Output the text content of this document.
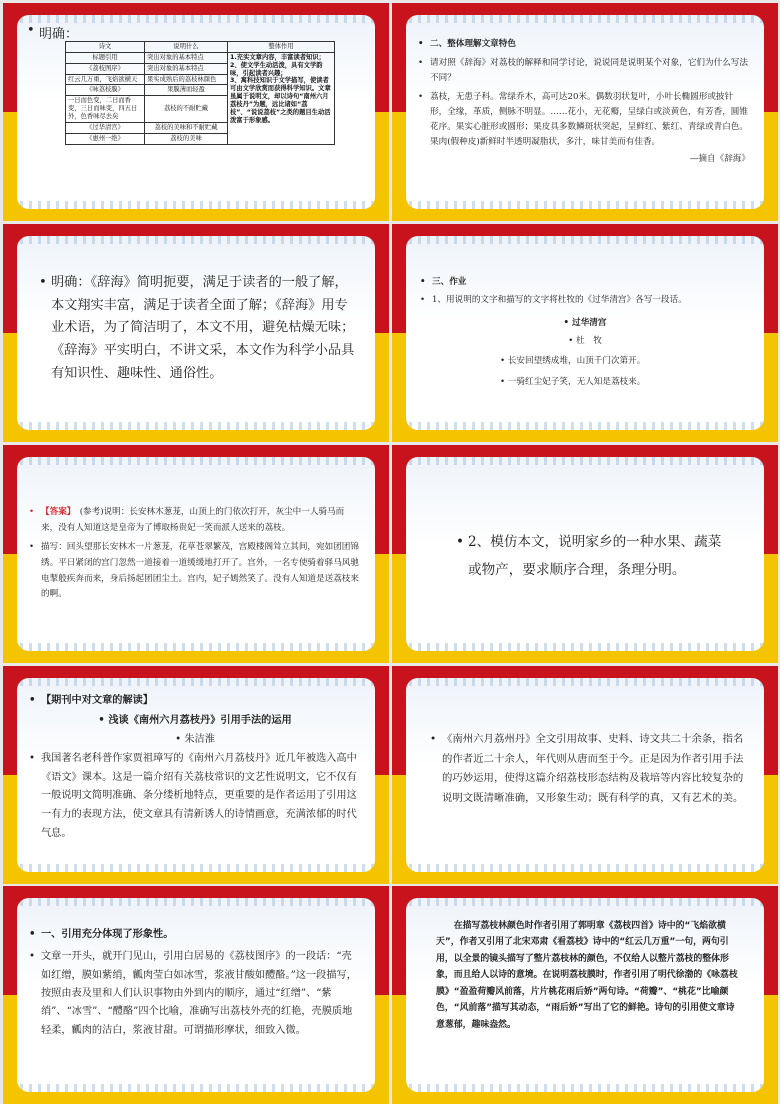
• 明确：
诗文	说明什么	整体作用
标题引用	突出对象的基本特点	1.充实文章内容，丰富读者知识；
2、使文学生动活泼，具有文学韵味，引起读者兴趣；
3、寓科技知识于文学描写，使读者可由文学欣赏而获得科学知识。文章虽属于说明文，却以诗句“南州六月荔枝丹”为题，远比诸如“荔枝”、“说说荔枝”之类的题目生动活泼富于形象感。
《荔枝图序》	突出对象的基本特点	
红云几万重，飞焰欲横天	果实成熟后的荔枝林颜色	
《咏荔枝膜》	果膜薄而轻盈	
一日而色变，二日而香变，三日而味变，四五日外，色香味尽去矣	荔枝的不耐贮藏	
《过华清宫》	荔枝的美味和不耐贮藏	
《惠州一绝》	荔枝的美味	
• 二、整体理解文章特色
• 请对照《辞海》对荔枝的解释和同学讨论，说说同是说明某个对象，它们为什么写法不同？
• 荔枝，无患子科。常绿乔木，高可达20米。偶数羽状复叶，小叶长椭圆形或披针形，全缘，革质，侧脉不明显。……花小，无花瓣，呈绿白或淡黄色，有芳香，圆锥花序。果实心脏形或圆形；果皮具多数鳞斑状突起，呈鲜红、紫红、青绿或青白色。果肉(假种皮)新鲜时半透明凝脂状，多汁，味甘美而有佳香。
—摘自《辞海》
• 明确：《辞海》简明扼要，满足于读者的一般了解，本文翔实丰富，满足于读者全面了解；《辞海》用专业术语，为了简洁明了，本文不用，避免枯燥无味；《辞海》平实明白，不讲文采，本文作为科学小品具有知识性、趣味性、通俗性。
• 三、作业
• 1、用说明的文字和描写的文字将杜牧的《过华清宫》各写一段话。
• 过华清宫
• 杜　牧
• 长安回望绣成堆，山顶千门次第开。
• 一骑红尘妃子笑，无人知是荔枝来。
• 【答案】　 (参考)说明：长安林木葱茏，山顶上的门依次打开，灰尘中一人骑马而来，没有人知道这是皇帝为了博取杨贵妃一笑而派人送来的荔枝。
• 描写：回头望那长安林木一片葱茏，花草苍翠繁茂，宫殿楼阁耸立其间，宛如团团锦绣。平日紧闭的宫门忽然一道接着一道缓缓地打开了。宫外，一名专使骑着驿马风驰电掣般疾奔而来，身后扬起团团尘土。宫内，妃子嫣然笑了。没有人知道是送荔枝来的啊。
• 2、模仿本文，说明家乡的一种水果、蔬菜或物产，要求顺序合理，条理分明。
• 【期刊中对文章的解读】
• 浅谈《南州六月荔枝丹》引用手法的运用
• 朱洁淮
• 我国著名老科普作家贾祖璋写的《南州六月荔枝丹》近几年被选入高中《语文》课本。这是一篇介绍有关荔枝常识的文艺性说明文，它不仅有一般说明文简明准确、条分缕析地特点，更重要的是作者运用了引用这一有力的表现方法，使文章具有清新诱人的诗情画意，充满浓郁的时代气息。
• 《南州六月荔州丹》全文引用故事、史料、诗文共二十余条，指名的作者近二十余人，年代则从唐而至于今。正是因为作者引用手法的巧妙运用，使得这篇介绍荔枝形态结构及栽培等内容比较复杂的说明文既清晰准确，又形象生动；既有科学的真，又有艺术的美。
• 一、引用充分体现了形象性。
• 文章一开头，就开门见山，引用白居易的《荔枝图序》的一段话：“壳如红缯，膜如紫绡，瓤肉莹白如冰雪，浆液甘酸如醴酪。”这一段描写，按照由表及里和人们认识事物由外到内的顺序，通过“红缯”、“紫绡”、“冰雪”、“醴酪”四个比喻，准确写出荔枝外壳的红艳，壳膜质地轻柔，瓤肉的洁白，浆液甘甜。可谓描形摩状，细致入微。
在描写荔枝林颜色时作者引用了郭明章《荔枝四首》诗中的“飞焰欲横天”，作者又引用了北宋邓肃《看荔枝》诗中的“红云几万重”一句，两句引用，以全景的镜头描写了整片荔枝林的颜色，不仅给人以整片荔枝的整体形象，而且给人以诗的意境。在说明荔枝膜时，作者引用了明代徐渤的《咏荔枝膜》“盈盈荷瓣风前落，片片桃花雨后娇”两句诗。“荷瓣”、“桃花”比喻颜色，“风前落”描写其动态，“雨后娇”写出了它的鲜艳。诗句的引用使文章诗意葱郁，趣味盎然。
